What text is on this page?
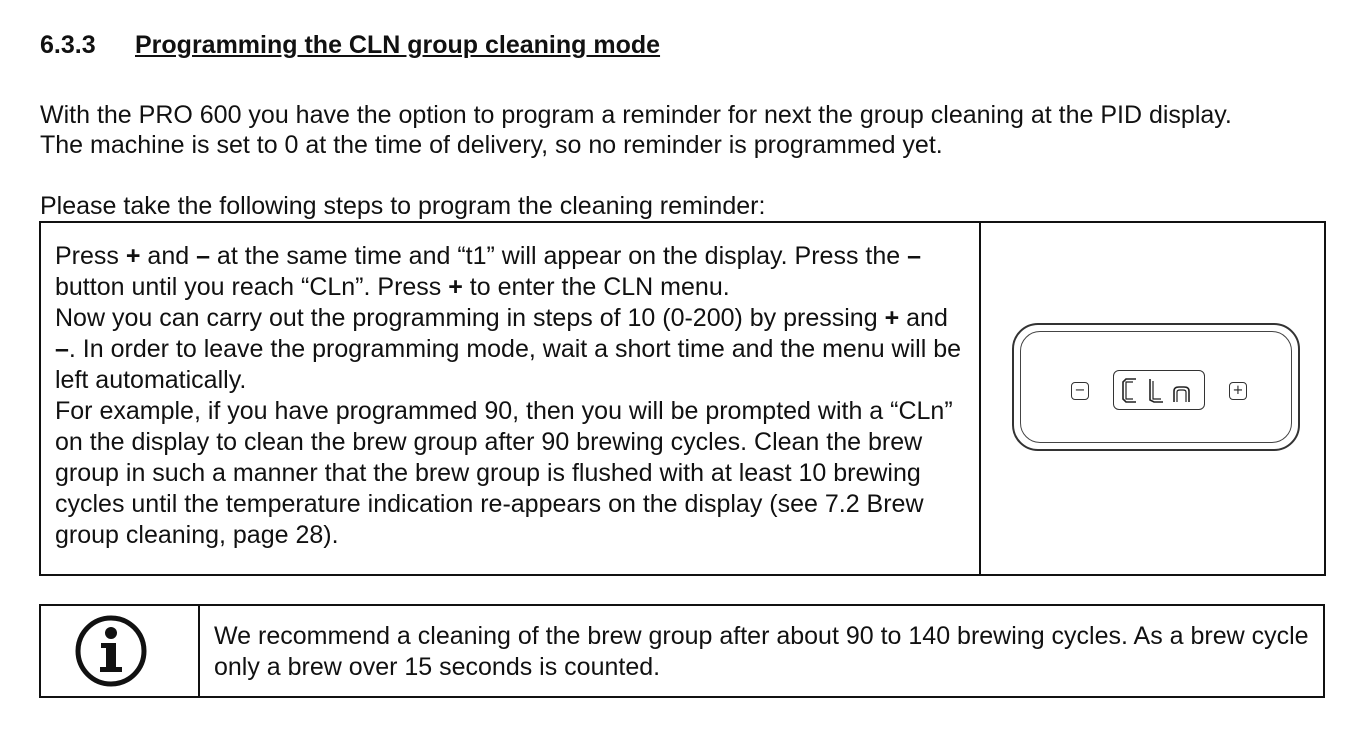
6.3.3 Programming the CLN group cleaning mode

With the PRO 600 you have the option to program a reminder for next the group cleaning at the PID display.

The machine is set to 0 at the time of delivery, so no reminder is programmed yet.

Please take the following steps to program the cleaning reminder:

Press + and – at the same time and “t1” will appear on the display. Press the – button until you reach “CLn”. Press + to enter the CLN menu.

Now you can carry out the programming in steps of 10 (0-200) by pressing + and –. In order to leave the programming mode, wait a short time and the menu will be left automatically.

For example, if you have programmed 90, then you will be prompted with a “CLn” on the display to clean the brew group after 90 brewing cycles. Clean the brew group in such a manner that the brew group is flushed with at least 10 brewing cycles until the temperature indication re-appears on the display (see 7.2 Brew group cleaning, page 28).

−	+

We recommend a cleaning of the brew group after about 90 to 140 brewing cycles. As a brew cycle only a brew over 15 seconds is counted.
